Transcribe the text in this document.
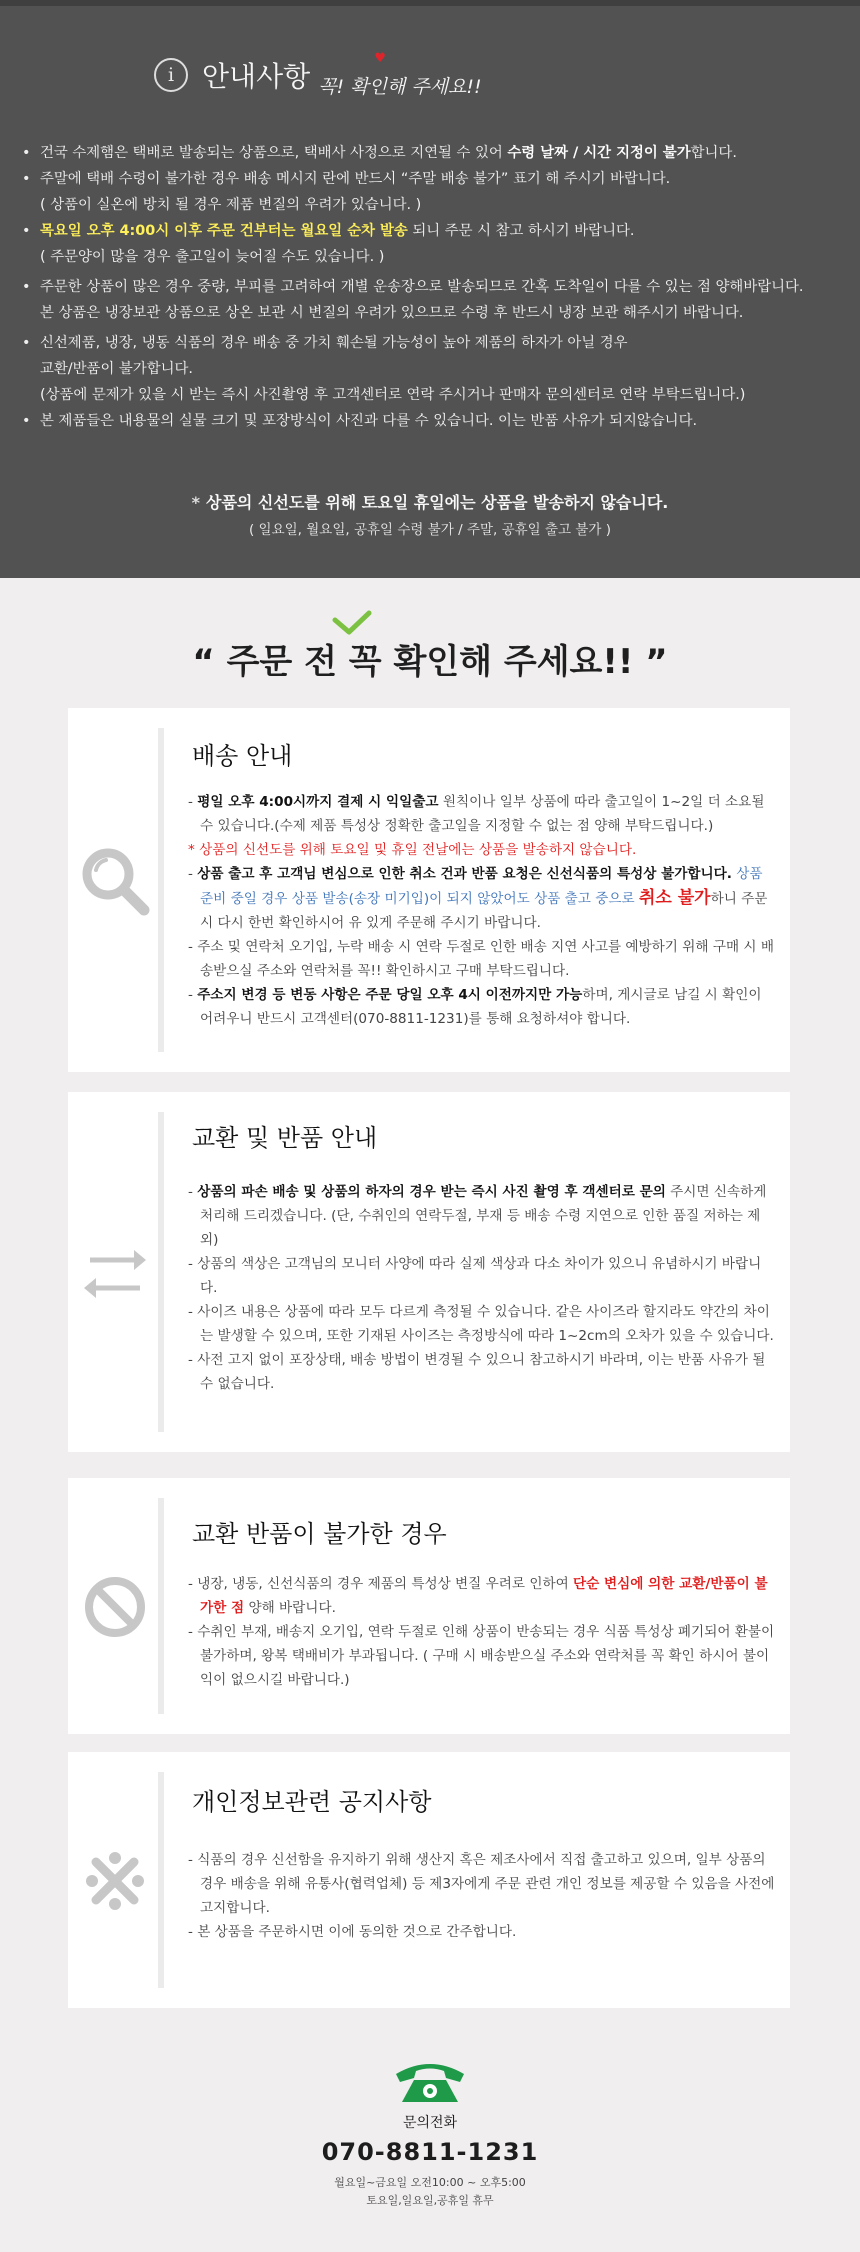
i 안내사항
♥
꼭! 확인해 주세요!!
• 건국 수제햄은 택배로 발송되는 상품으로, 택배사 사정으로 지연될 수 있어 수령 날짜 / 시간 지정이 불가합니다.
• 주말에 택배 수령이 불가한 경우 배송 메시지 란에 반드시 “주말 배송 불가” 표기 해 주시기 바랍니다.
( 상품이 실온에 방치 될 경우 제품 변질의 우려가 있습니다. )
• 목요일 오후 4:00시 이후 주문 건부터는 월요일 순차 발송 되니 주문 시 참고 하시기 바랍니다.
( 주문양이 많을 경우 출고일이 늦어질 수도 있습니다. )
• 주문한 상품이 많은 경우 중량, 부피를 고려하여 개별 운송장으로 발송되므로 간혹 도착일이 다를 수 있는 점 양해바랍니다.
본 상품은 냉장보관 상품으로 상온 보관 시 변질의 우려가 있으므로 수령 후 반드시 냉장 보관 해주시기 바랍니다.
• 신선제품, 냉장, 냉동 식품의 경우 배송 중 가치 훼손될 가능성이 높아 제품의 하자가 아닐 경우
교환/반품이 불가합니다.
(상품에 문제가 있을 시 받는 즉시 사진촬영 후 고객센터로 연락 주시거나 판매자 문의센터로 연락 부탁드립니다.)
• 본 제품들은 내용물의 실물 크기 및 포장방식이 사진과 다를 수 있습니다. 이는 반품 사유가 되지않습니다.
* 상품의 신선도를 위해 토요일 휴일에는 상품을 발송하지 않습니다.
( 일요일, 월요일, 공휴일 수령 불가 / 주말, 공휴일 출고 불가 )
“ 주문 전 꼭 확인해 주세요!! ”
배송 안내

- 평일 오후 4:00시까지 결제 시 익일출고 원칙이나 일부 상품에 따라 출고일이 1~2일 더 소요될 수 있습니다.(수제 제품 특성상 정확한 출고일을 지정할 수 없는 점 양해 부탁드립니다.)

* 상품의 신선도를 위해 토요일 및 휴일 전날에는 상품을 발송하지 않습니다.

- 상품 출고 후 고객님 변심으로 인한 취소 건과 반품 요청은 신선식품의 특성상 불가합니다. 상품 준비 중일 경우 상품 발송(송장 미기입)이 되지 않았어도 상품 출고 중으로 취소 불가하니 주문 시 다시 한번 확인하시어 유 있게 주문해 주시기 바랍니다.

- 주소 및 연락처 오기입, 누락 배송 시 연락 두절로 인한 배송 지연 사고를 예방하기 위해 구매 시 배송받으실 주소와 연락처를 꼭!! 확인하시고 구매 부탁드립니다.

- 주소지 변경 등 변동 사항은 주문 당일 오후 4시 이전까지만 가능하며, 게시글로 남길 시 확인이 어려우니 반드시 고객센터(070-8811-1231)를 통해 요청하셔야 합니다.

교환 및 반품 안내

- 상품의 파손 배송 및 상품의 하자의 경우 받는 즉시 사진 촬영 후 객센터로 문의 주시면 신속하게 처리해 드리겠습니다. (단, 수취인의 연락두절, 부재 등 배송 수령 지연으로 인한 품질 저하는 제외)

- 상품의 색상은 고객님의 모니터 사양에 따라 실제 색상과 다소 차이가 있으니 유념하시기 바랍니다.

- 사이즈 내용은 상품에 따라 모두 다르게 측정될 수 있습니다. 같은 사이즈라 할지라도 약간의 차이는 발생할 수 있으며, 또한 기재된 사이즈는 측정방식에 따라 1~2cm의 오차가 있을 수 있습니다.

- 사전 고지 없이 포장상태, 배송 방법이 변경될 수 있으니 참고하시기 바라며, 이는 반품 사유가 될 수 없습니다.

교환 반품이 불가한 경우

- 냉장, 냉동, 신선식품의 경우 제품의 특성상 변질 우려로 인하여 단순 변심에 의한 교환/반품이 불가한 점 양해 바랍니다.

- 수취인 부재, 배송지 오기입, 연락 두절로 인해 상품이 반송되는 경우 식품 특성상 폐기되어 환불이 불가하며, 왕복 택배비가 부과됩니다. ( 구매 시 배송받으실 주소와 연락처를 꼭 확인 하시어 불이익이 없으시길 바랍니다.)

개인정보관련 공지사항

- 식품의 경우 신선함을 유지하기 위해 생산지 혹은 제조사에서 직접 출고하고 있으며, 일부 상품의 경우 배송을 위해 유통사(협력업체) 등 제3자에게 주문 관련 개인 정보를 제공할 수 있음을 사전에 고지합니다.

- 본 상품을 주문하시면 이에 동의한 것으로 간주합니다.

문의전화
070-8811-1231
월요일~금요일 오전10:00 ~ 오후5:00
토요일,일요일,공휴일 휴무
